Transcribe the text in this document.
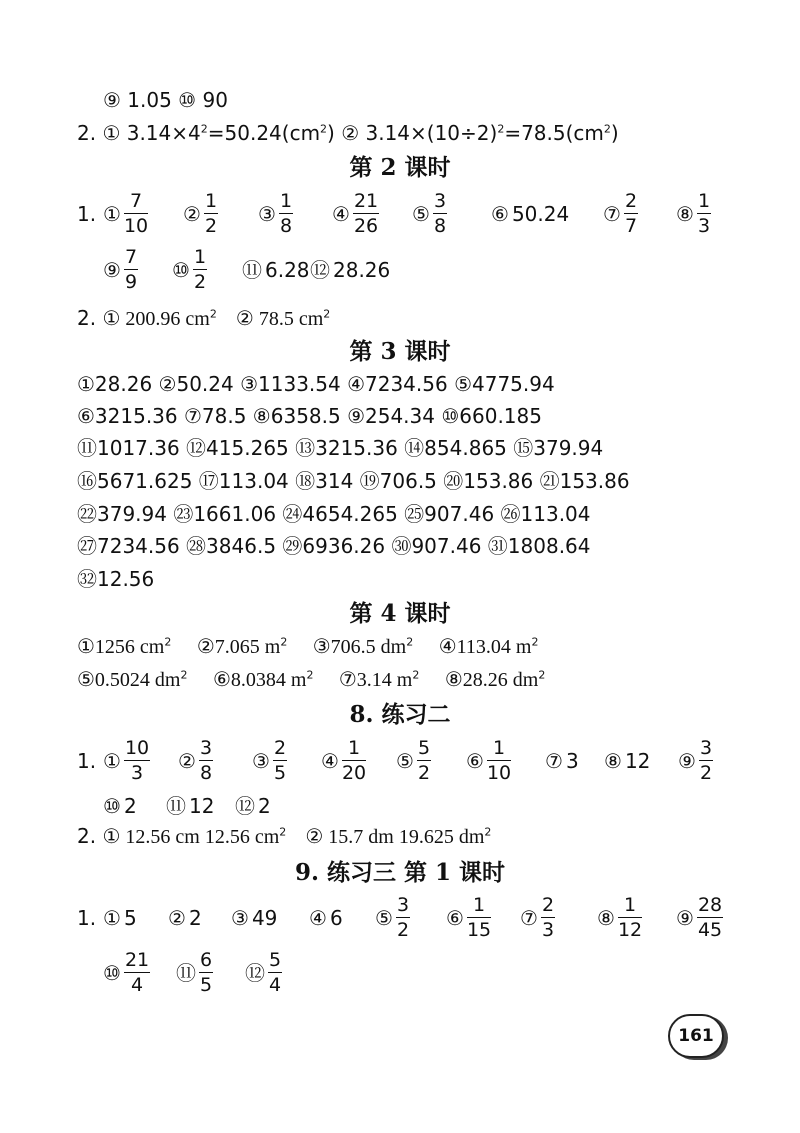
⑨ 1.05 ⑩ 90
2. ① $3.14\times 4^2=50.24(cm^2)$ ② $3.14\times(10\div 2)^2=78.5(cm^2)$
第 2 课时
1. ① $\frac{7}{10}$ ② $\frac{1}{2}$ ③ $\frac{1}{8}$ ④ $\frac{21}{26}$ ⑤ $\frac{3}{8}$ ⑥ 50.24 ⑦ $\frac{2}{7}$ ⑧ $\frac{1}{3}$
⑨ $\frac{7}{9}$ ⑩ $\frac{1}{2}$ ⑪ 6.28 ⑫ 28.26
2. ① 200.96 $cm^2$ ② 78.5 $cm^2$
第 3 课时
①28.26 ②50.24 ③1133.54 ④7234.56 ⑤4775.94
⑥3215.36 ⑦78.5 ⑧6358.5 ⑨254.34 ⑩660.185
⑪1017.36 ⑫415.265 ⑬3215.36 ⑭854.865 ⑮379.94
⑯5671.625 ⑰113.04 ⑱314 ⑲706.5 ⑳153.86 ㉑153.86
㉒379.94 ㉓1661.06 ㉔4654.265 ㉕907.46 ㉖113.04
㉗7234.56 ㉘3846.5 ㉙6936.26 ㉚907.46 ㉛1808.64
㉜12.56
第 4 课时
①1256 $cm^2$ ②7.065 $m^2$ ③706.5 $dm^2$ ④113.04 $m^2$
⑤0.5024 $dm^2$ ⑥8.0384 $m^2$ ⑦3.14 $m^2$ ⑧28.26 $dm^2$
8. 练习二
1. ① $\frac{10}{3}$ ② $\frac{3}{8}$ ③ $\frac{2}{5}$ ④ $\frac{1}{20}$ ⑤ $\frac{5}{2}$ ⑥ $\frac{1}{10}$ ⑦ 3 ⑧ 12 ⑨ $\frac{3}{2}$
⑩ 2 ⑪ 12 ⑫ 2
2. ① 12.56 cm 12.56 $cm^2$ ② 15.7 dm 19.625 $dm^2$
9. 练习三 第 1 课时
1. ① 5 ② 2 ③ 49 ④ 6 ⑤ $\frac{3}{2}$ ⑥ $\frac{1}{15}$ ⑦ $\frac{2}{3}$ ⑧ $\frac{1}{12}$ ⑨ $\frac{28}{45}$
⑩ $\frac{21}{4}$ ⑪ $\frac{6}{5}$ ⑫ $\frac{5}{4}$
161
